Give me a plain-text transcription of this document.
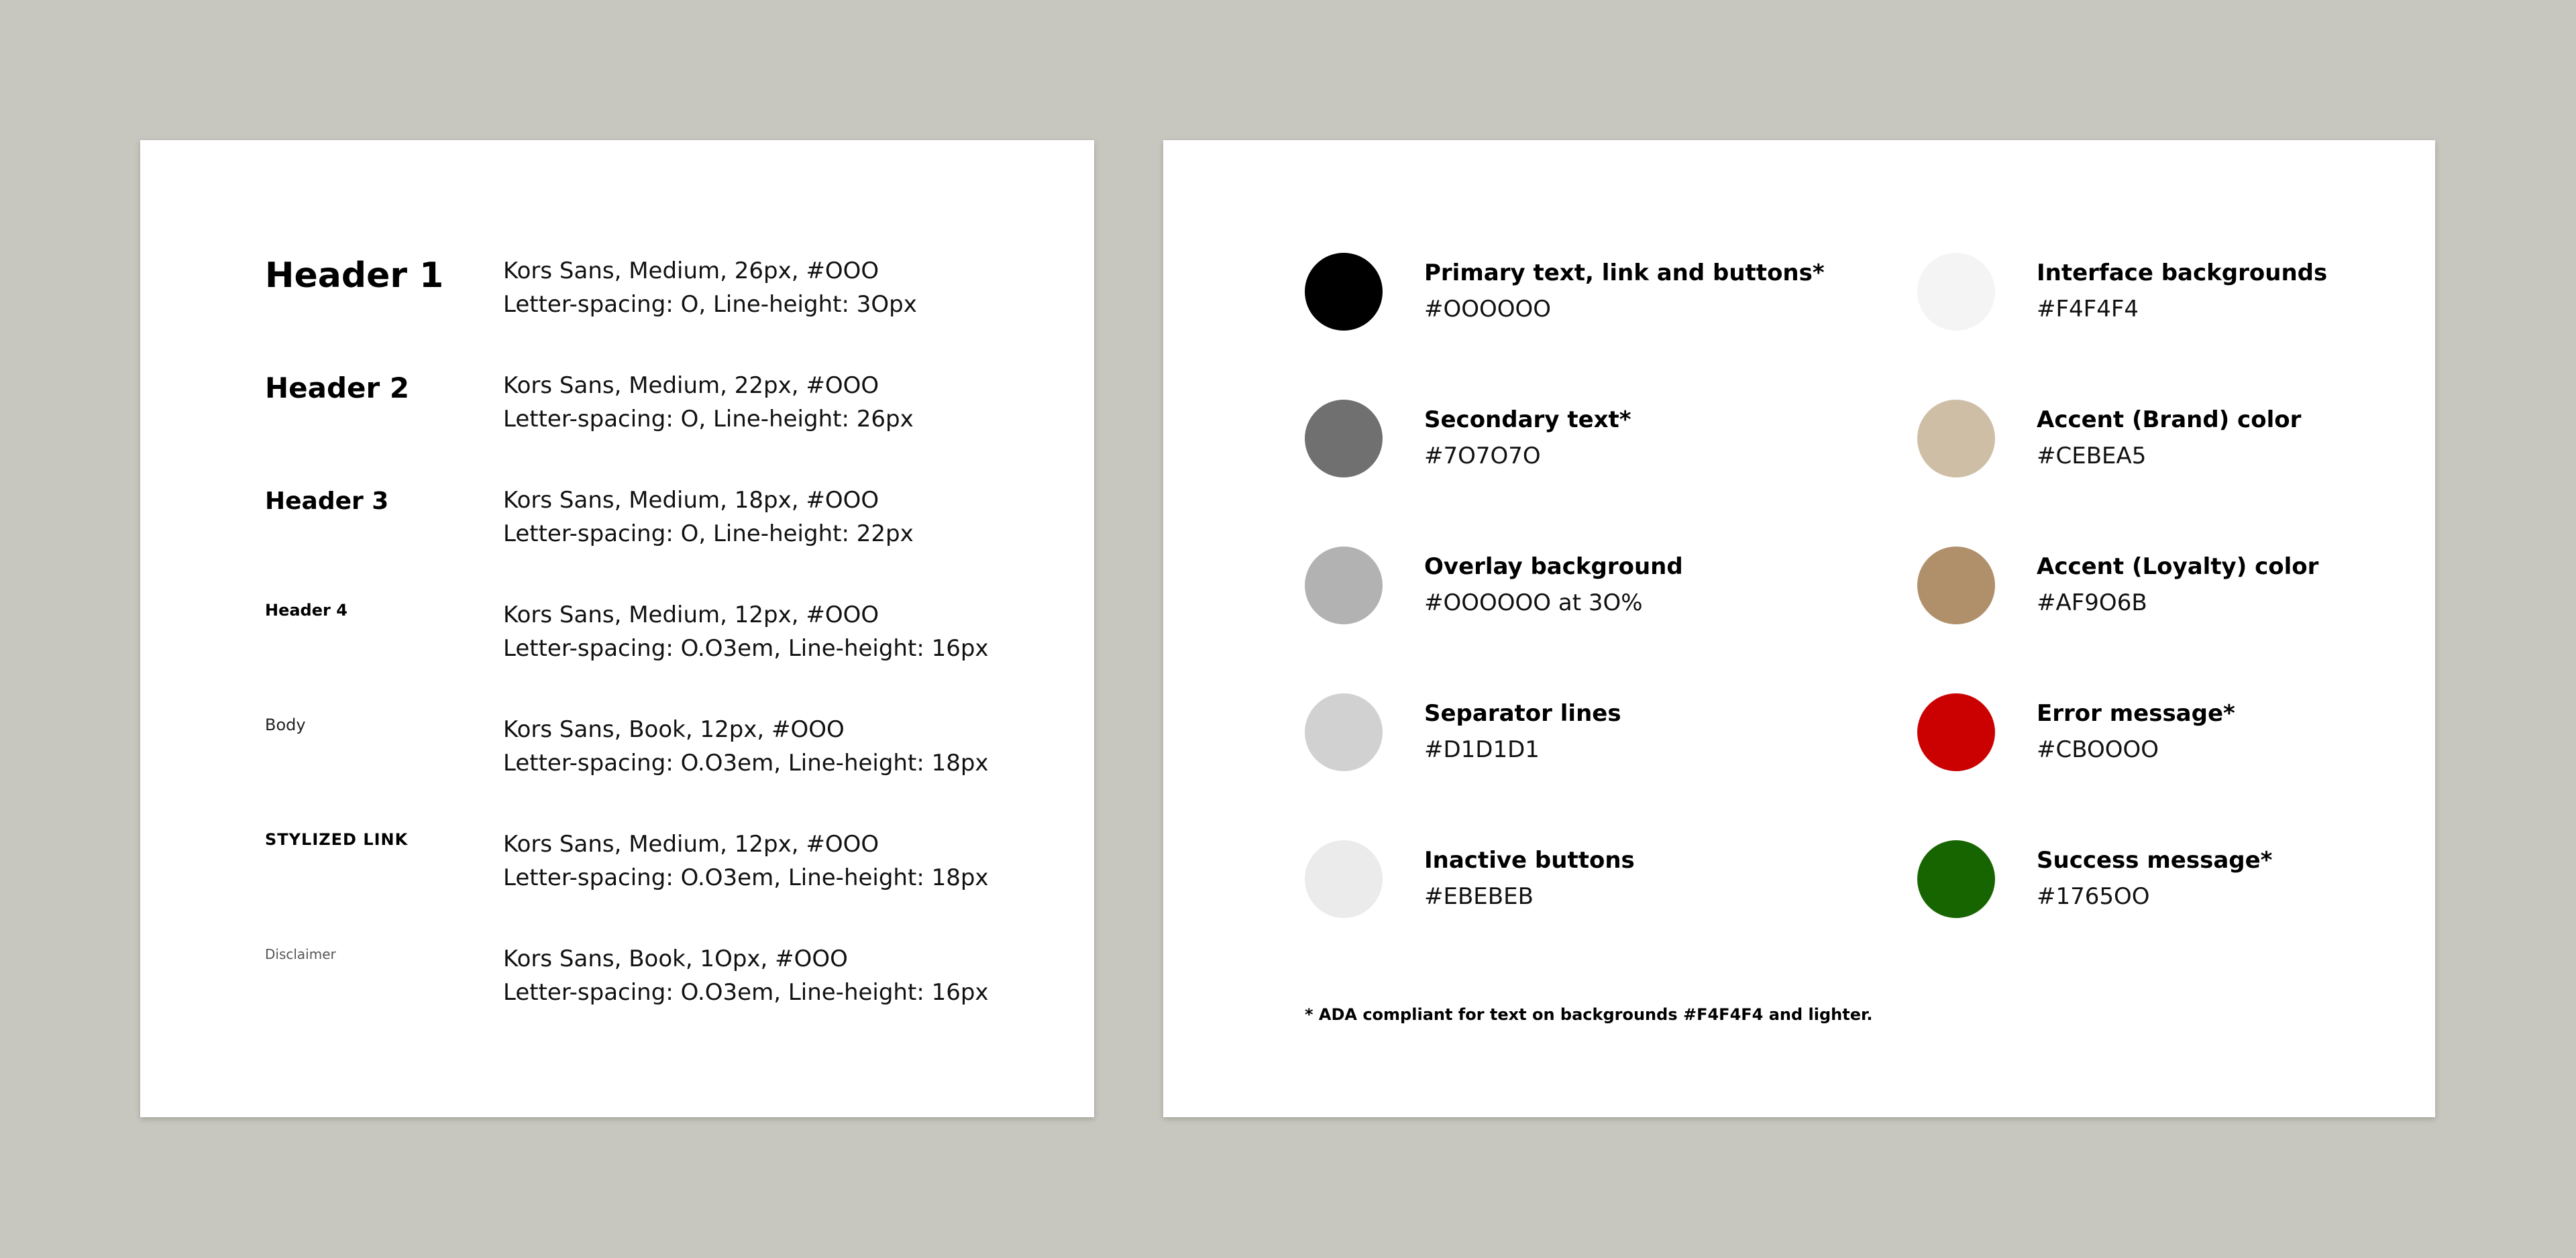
Header 1	Kors Sans, Medium, 26px, #OOO
Letter-spacing: O, Line-height: 3Opx
Header 2	Kors Sans, Medium, 22px, #OOO
Letter-spacing: O, Line-height: 26px
Header 3	Kors Sans, Medium, 18px, #OOO
Letter-spacing: O, Line-height: 22px
Header 4	Kors Sans, Medium, 12px, #OOO
Letter-spacing: O.O3em, Line-height: 16px
Body	Kors Sans, Book, 12px, #OOO
Letter-spacing: O.O3em, Line-height: 18px
STYLIZED LINK	Kors Sans, Medium, 12px, #OOO
Letter-spacing: O.O3em, Line-height: 18px
Disclaimer	Kors Sans, Book, 1Opx, #OOO
Letter-spacing: O.O3em, Line-height: 16px
Primary text, link and buttons*
#OOOOOO
Secondary text*
#7O7O7O
Overlay background
#OOOOOO at 3O%
Separator lines
#D1D1D1
Inactive buttons
#EBEBEB
Interface backgrounds
#F4F4F4
Accent (Brand) color
#CEBEA5
Accent (Loyalty) color
#AF9O6B
Error message*
#CBOOOO
Success message*
#1765OO
* ADA compliant for text on backgrounds #F4F4F4 and lighter.
